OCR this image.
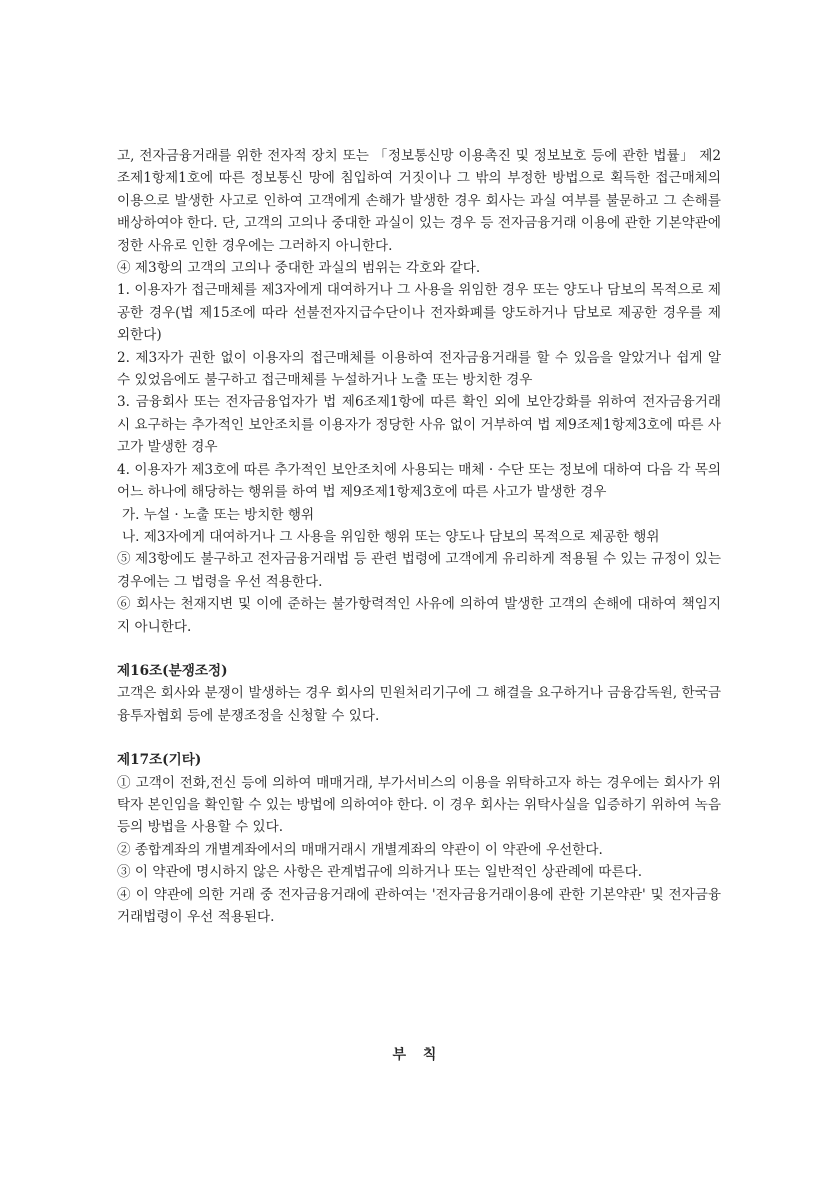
고, 전자금융거래를 위한 전자적 장치 또는 「정보통신망 이용촉진 및 정보보호 등에 관한 법률」 제2조제1항제1호에 따른 정보통신 망에 침입하여 거짓이나 그 밖의 부정한 방법으로 획득한 접근매체의 이용으로 발생한 사고로 인하여 고객에게 손해가 발생한 경우 회사는 과실 여부를 불문하고 그 손해를 배상하여야 한다. 단, 고객의 고의나 중대한 과실이 있는 경우 등 전자금융거래 이용에 관한 기본약관에 정한 사유로 인한 경우에는 그러하지 아니한다.

④ 제3항의 고객의 고의나 중대한 과실의 범위는 각호와 같다.

1. 이용자가 접근매체를 제3자에게 대여하거나 그 사용을 위임한 경우 또는 양도나 담보의 목적으로 제공한 경우(법 제15조에 따라 선불전자지급수단이나 전자화폐를 양도하거나 담보로 제공한 경우를 제외한다)

2. 제3자가 권한 없이 이용자의 접근매체를 이용하여 전자금융거래를 할 수 있음을 알았거나 쉽게 알 수 있었음에도 불구하고 접근매체를 누설하거나 노출 또는 방치한 경우

3. 금융회사 또는 전자금융업자가 법 제6조제1항에 따른 확인 외에 보안강화를 위하여 전자금융거래 시 요구하는 추가적인 보안조치를 이용자가 정당한 사유 없이 거부하여 법 제9조제1항제3호에 따른 사고가 발생한 경우

4. 이용자가 제3호에 따른 추가적인 보안조치에 사용되는 매체 · 수단 또는 정보에 대하여 다음 각 목의 어느 하나에 해당하는 행위를 하여 법 제9조제1항제3호에 따른 사고가 발생한 경우

가. 누설 · 노출 또는 방치한 행위

나. 제3자에게 대여하거나 그 사용을 위임한 행위 또는 양도나 담보의 목적으로 제공한 행위

⑤ 제3항에도 불구하고 전자금융거래법 등 관련 법령에 고객에게 유리하게 적용될 수 있는 규정이 있는 경우에는 그 법령을 우선 적용한다.

⑥ 회사는 천재지변 및 이에 준하는 불가항력적인 사유에 의하여 발생한 고객의 손해에 대하여 책임지지 아니한다.

제16조(분쟁조정)

고객은 회사와 분쟁이 발생하는 경우 회사의 민원처리기구에 그 해결을 요구하거나 금융감독원, 한국금융투자협회 등에 분쟁조정을 신청할 수 있다.

제17조(기타)

① 고객이 전화,전신 등에 의하여 매매거래, 부가서비스의 이용을 위탁하고자 하는 경우에는 회사가 위탁자 본인임을 확인할 수 있는 방법에 의하여야 한다. 이 경우 회사는 위탁사실을 입증하기 위하여 녹음 등의 방법을 사용할 수 있다.

② 종합계좌의 개별계좌에서의 매매거래시 개별계좌의 약관이 이 약관에 우선한다.

③ 이 약관에 명시하지 않은 사항은 관계법규에 의하거나 또는 일반적인 상관례에 따른다.

④ 이 약관에 의한 거래 중 전자금융거래에 관하여는 '전자금융거래이용에 관한 기본약관' 및 전자금융거래법령이 우선 적용된다.

부 칙
